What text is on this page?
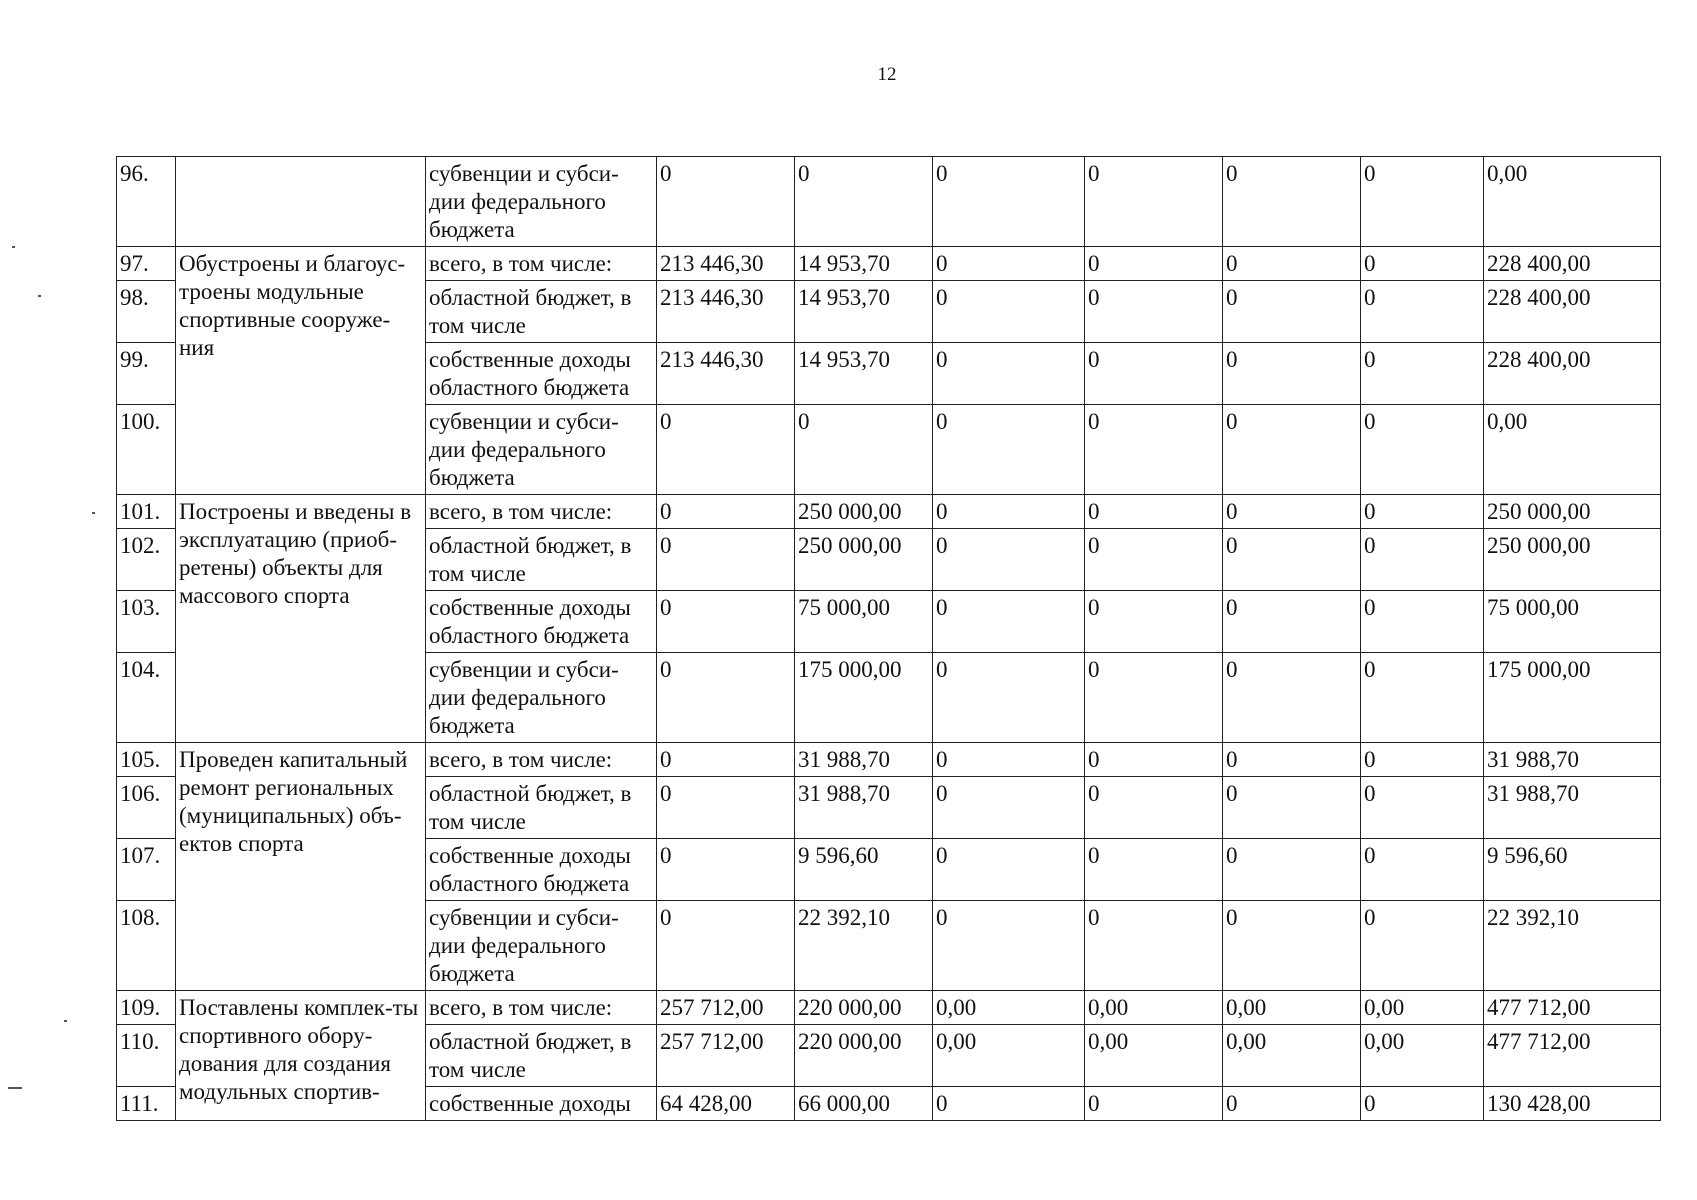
12
96.		субвенции и субси-дии федерального бюджета	0	0	0	0	0	0	0,00
97.	Обустроены и благоус-троены модульные спортивные сооруже-ния	всего, в том числе:	213 446,30	14 953,70	0	0	0	0	228 400,00
98.		областной бюджет, в том числе	213 446,30	14 953,70	0	0	0	0	228 400,00
99.		собственные доходы областного бюджета	213 446,30	14 953,70	0	0	0	0	228 400,00
100.		субвенции и субси-дии федерального бюджета	0	0	0	0	0	0	0,00
101.	Построены и введены в эксплуатацию (приоб-ретены) объекты для массового спорта	всего, в том числе:	0	250 000,00	0	0	0	0	250 000,00
102.		областной бюджет, в том числе	0	250 000,00	0	0	0	0	250 000,00
103.		собственные доходы областного бюджета	0	75 000,00	0	0	0	0	75 000,00
104.		субвенции и субси-дии федерального бюджета	0	175 000,00	0	0	0	0	175 000,00
105.	Проведен капитальный ремонт региональных (муниципальных) объ-ектов спорта	всего, в том числе:	0	31 988,70	0	0	0	0	31 988,70
106.		областной бюджет, в том числе	0	31 988,70	0	0	0	0	31 988,70
107.		собственные доходы областного бюджета	0	9 596,60	0	0	0	0	9 596,60
108.		субвенции и субси-дии федерального бюджета	0	22 392,10	0	0	0	0	22 392,10
109.	Поставлены комплек-ты спортивного обору-дования для создания модульных спортив-	всего, в том числе:	257 712,00	220 000,00	0,00	0,00	0,00	0,00	477 712,00
110.		областной бюджет, в том числе	257 712,00	220 000,00	0,00	0,00	0,00	0,00	477 712,00
111.		собственные доходы	64 428,00	66 000,00	0	0	0	0	130 428,00
